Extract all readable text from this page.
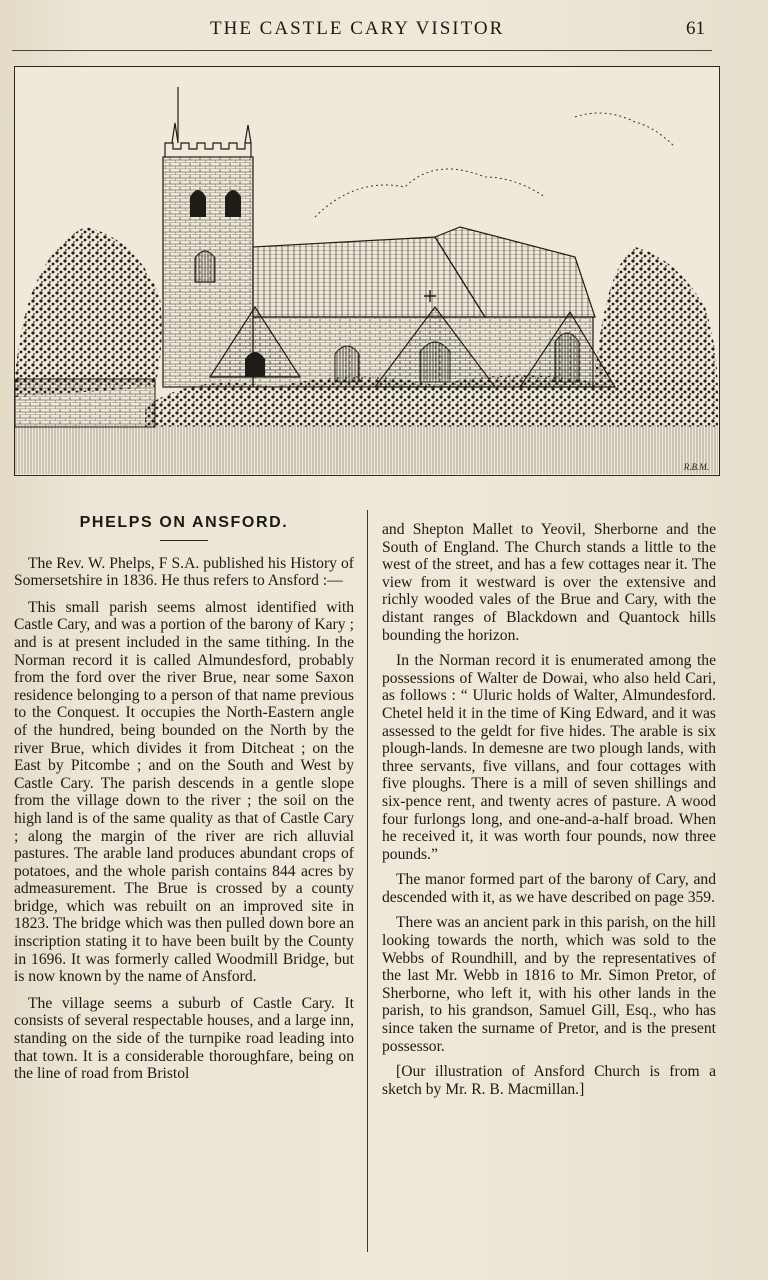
THE CASTLE CARY VISITOR	61
R.B.M.
PHELPS ON ANSFORD.

The Rev. W. Phelps, F S.A. published his History of Somersetshire in 1836. He thus refers to Ansford :—

This small parish seems almost identified with Castle Cary, and was a portion of the barony of Kary ; and is at present included in the same tithing. In the Norman record it is called Almundesford, probably from the ford over the river Brue, near some Saxon residence belonging to a person of that name previous to the Conquest. It occupies the North-Eastern angle of the hundred, being bounded on the North by the river Brue, which divides it from Ditcheat ; on the East by Pitcombe ; and on the South and West by Castle Cary. The parish descends in a gentle slope from the village down to the river ; the soil on the high land is of the same quality as that of Castle Cary ; along the margin of the river are rich alluvial pastures. The arable land produces abundant crops of potatoes, and the whole parish contains 844 acres by admeasurement. The Brue is crossed by a county bridge, which was rebuilt on an improved site in 1823. The bridge which was then pulled down bore an inscription stating it to have been built by the County in 1696. It was formerly called Woodmill Bridge, but is now known by the name of Ansford.

The village seems a suburb of Castle Cary. It consists of several respectable houses, and a large inn, standing on the side of the turnpike road leading into that town. It is a considerable thoroughfare, being on the line of road from Bristol

and Shepton Mallet to Yeovil, Sherborne and the South of England. The Church stands a little to the west of the street, and has a few cottages near it. The view from it westward is over the extensive and richly wooded vales of the Brue and Cary, with the distant ranges of Blackdown and Quantock hills bounding the horizon.

In the Norman record it is enumerated among the possessions of Walter de Dowai, who also held Cari, as follows : “ Uluric holds of Walter, Almundesford. Chetel held it in the time of King Edward, and it was assessed to the geldt for five hides. The arable is six plough-lands. In demesne are two plough lands, with three servants, five villans, and four cottages with five ploughs. There is a mill of seven shillings and six-pence rent, and twenty acres of pasture. A wood four furlongs long, and one-and-a-half broad. When he received it, it was worth four pounds, now three pounds.”

The manor formed part of the barony of Cary, and descended with it, as we have described on page 359.

There was an ancient park in this parish, on the hill looking towards the north, which was sold to the Webbs of Roundhill, and by the representatives of the last Mr. Webb in 1816 to Mr. Simon Pretor, of Sherborne, who left it, with his other lands in the parish, to his grandson, Samuel Gill, Esq., who has since taken the surname of Pretor, and is the present possessor.

[Our illustration of Ansford Church is from a sketch by Mr. R. B. Macmillan.]
